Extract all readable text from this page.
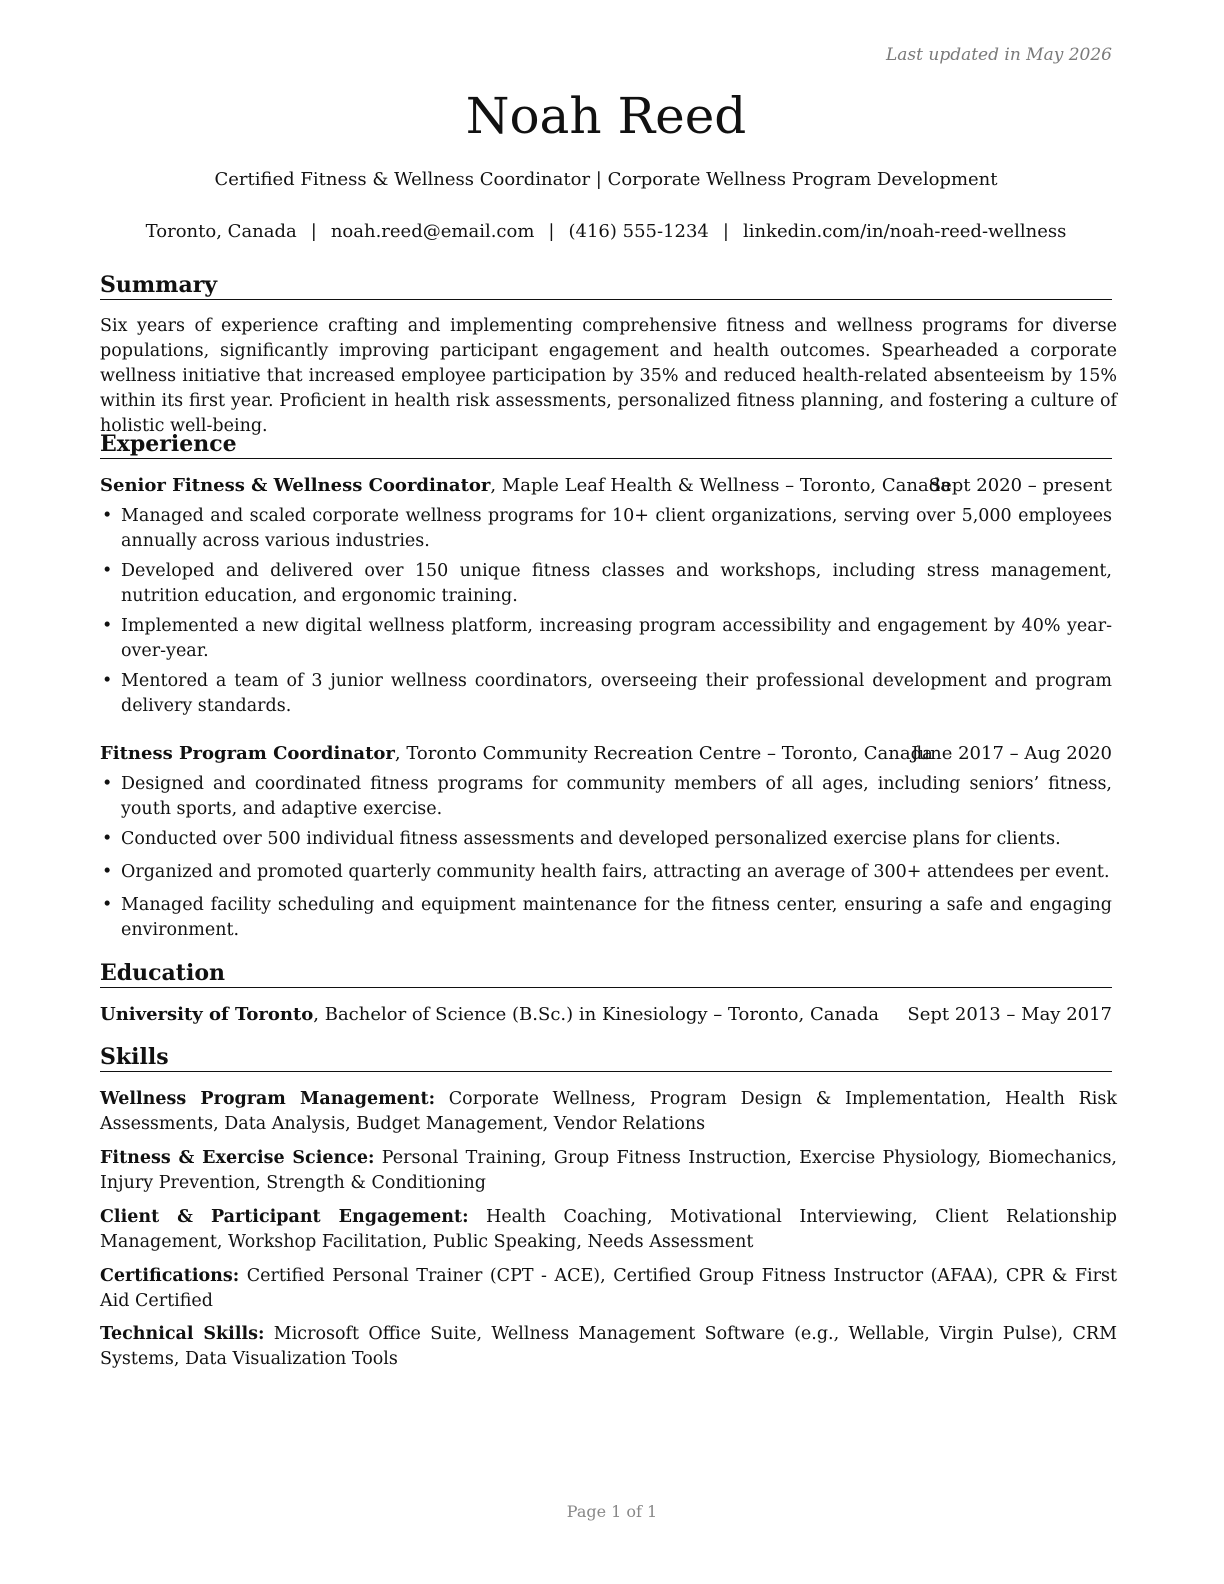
Last updated in May 2026
Noah Reed
Certified Fitness & Wellness Coordinator | Corporate Wellness Program Development
Toronto, Canada | noah.reed@email.com | (416) 555-1234 | linkedin.com/in/noah-reed-wellness
Summary
Six years of experience crafting and implementing comprehensive fitness and wellness programs for diverse populations, significantly improving participant engagement and health outcomes. Spearheaded a corporate wellness initiative that increased employee participation by 35% and reduced health-related absenteeism by 15% within its first year. Proficient in health risk assessments, personalized fitness planning, and fostering a culture of holistic well-being.
Experience
Senior Fitness & Wellness Coordinator, Maple Leaf Health & Wellness – Toronto, Canada
Sept 2020 – present
• Managed and scaled corporate wellness programs for 10+ client organizations, serving over 5,000 employees annually across various industries.
• Developed and delivered over 150 unique fitness classes and workshops, including stress management, nutrition education, and ergonomic training.
• Implemented a new digital wellness platform, increasing program accessibility and engagement by 40% year-over-year.
• Mentored a team of 3 junior wellness coordinators, overseeing their professional development and program delivery standards.
Fitness Program Coordinator, Toronto Community Recreation Centre – Toronto, Canada
June 2017 – Aug 2020
• Designed and coordinated fitness programs for community members of all ages, including seniors’ fitness, youth sports, and adaptive exercise.
• Conducted over 500 individual fitness assessments and developed personalized exercise plans for clients.
• Organized and promoted quarterly community health fairs, attracting an average of 300+ attendees per event.
• Managed facility scheduling and equipment maintenance for the fitness center, ensuring a safe and engaging environment.
Education
University of Toronto, Bachelor of Science (B.Sc.) in Kinesiology – Toronto, Canada Sept 2013 – May 2017
Skills
Wellness Program Management: Corporate Wellness, Program Design & Implementation, Health Risk Assessments, Data Analysis, Budget Management, Vendor Relations
Fitness & Exercise Science: Personal Training, Group Fitness Instruction, Exercise Physiology, Biomechanics, Injury Prevention, Strength & Conditioning
Client & Participant Engagement: Health Coaching, Motivational Interviewing, Client Relationship Management, Workshop Facilitation, Public Speaking, Needs Assessment
Certifications: Certified Personal Trainer (CPT - ACE), Certified Group Fitness Instructor (AFAA), CPR & First Aid Certified
Technical Skills: Microsoft Office Suite, Wellness Management Software (e.g., Wellable, Virgin Pulse), CRM Systems, Data Visualization Tools
Page 1 of 1
